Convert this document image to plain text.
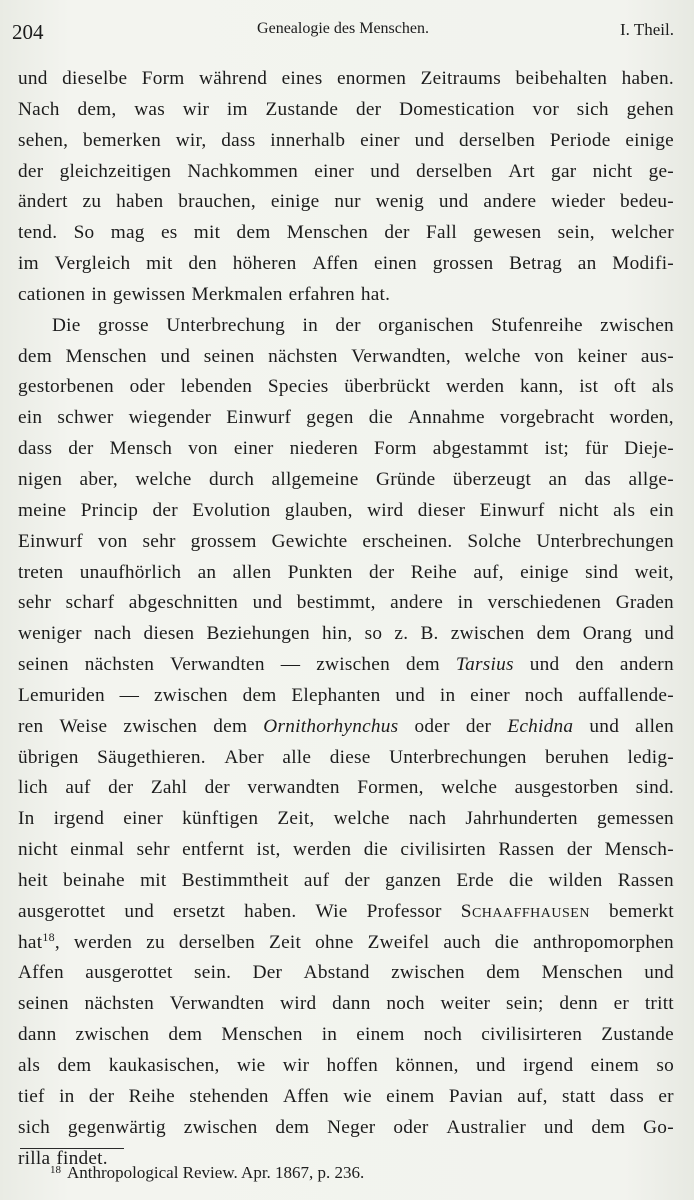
204	Genealogie des Menschen.	I. Theil.
und dieselbe Form während eines enormen Zeitraums beibehalten haben.
Nach dem, was wir im Zustande der Domestication vor sich gehen
sehen, bemerken wir, dass innerhalb einer und derselben Periode einige
der gleichzeitigen Nachkommen einer und derselben Art gar nicht ge-
ändert zu haben brauchen, einige nur wenig und andere wieder bedeu-
tend. So mag es mit dem Menschen der Fall gewesen sein, welcher
im Vergleich mit den höheren Affen einen grossen Betrag an Modifi-
cationen in gewissen Merkmalen erfahren hat.
Die grosse Unterbrechung in der organischen Stufenreihe zwischen
dem Menschen und seinen nächsten Verwandten, welche von keiner aus-
gestorbenen oder lebenden Species überbrückt werden kann, ist oft als
ein schwer wiegender Einwurf gegen die Annahme vorgebracht worden,
dass der Mensch von einer niederen Form abgestammt ist; für Dieje-
nigen aber, welche durch allgemeine Gründe überzeugt an das allge-
meine Princip der Evolution glauben, wird dieser Einwurf nicht als ein
Einwurf von sehr grossem Gewichte erscheinen. Solche Unterbrechungen
treten unaufhörlich an allen Punkten der Reihe auf, einige sind weit,
sehr scharf abgeschnitten und bestimmt, andere in verschiedenen Graden
weniger nach diesen Beziehungen hin, so z. B. zwischen dem Orang und
seinen nächsten Verwandten — zwischen dem Tarsius und den andern
Lemuriden — zwischen dem Elephanten und in einer noch auffallende-
ren Weise zwischen dem Ornithorhynchus oder der Echidna und allen
übrigen Säugethieren. Aber alle diese Unterbrechungen beruhen ledig-
lich auf der Zahl der verwandten Formen, welche ausgestorben sind.
In irgend einer künftigen Zeit, welche nach Jahrhunderten gemessen
nicht einmal sehr entfernt ist, werden die civilisirten Rassen der Mensch-
heit beinahe mit Bestimmtheit auf der ganzen Erde die wilden Rassen
ausgerottet und ersetzt haben. Wie Professor Schaaffhausen bemerkt
hat$^{18}$, werden zu derselben Zeit ohne Zweifel auch die anthropomorphen
Affen ausgerottet sein. Der Abstand zwischen dem Menschen und
seinen nächsten Verwandten wird dann noch weiter sein; denn er tritt
dann zwischen dem Menschen in einem noch civilisirteren Zustande
als dem kaukasischen, wie wir hoffen können, und irgend einem so
tief in der Reihe stehenden Affen wie einem Pavian auf, statt dass er
sich gegenwärtig zwischen dem Neger oder Australier und dem Go-
rilla findet.
$^{18}$ Anthropological Review. Apr. 1867, p. 236.
